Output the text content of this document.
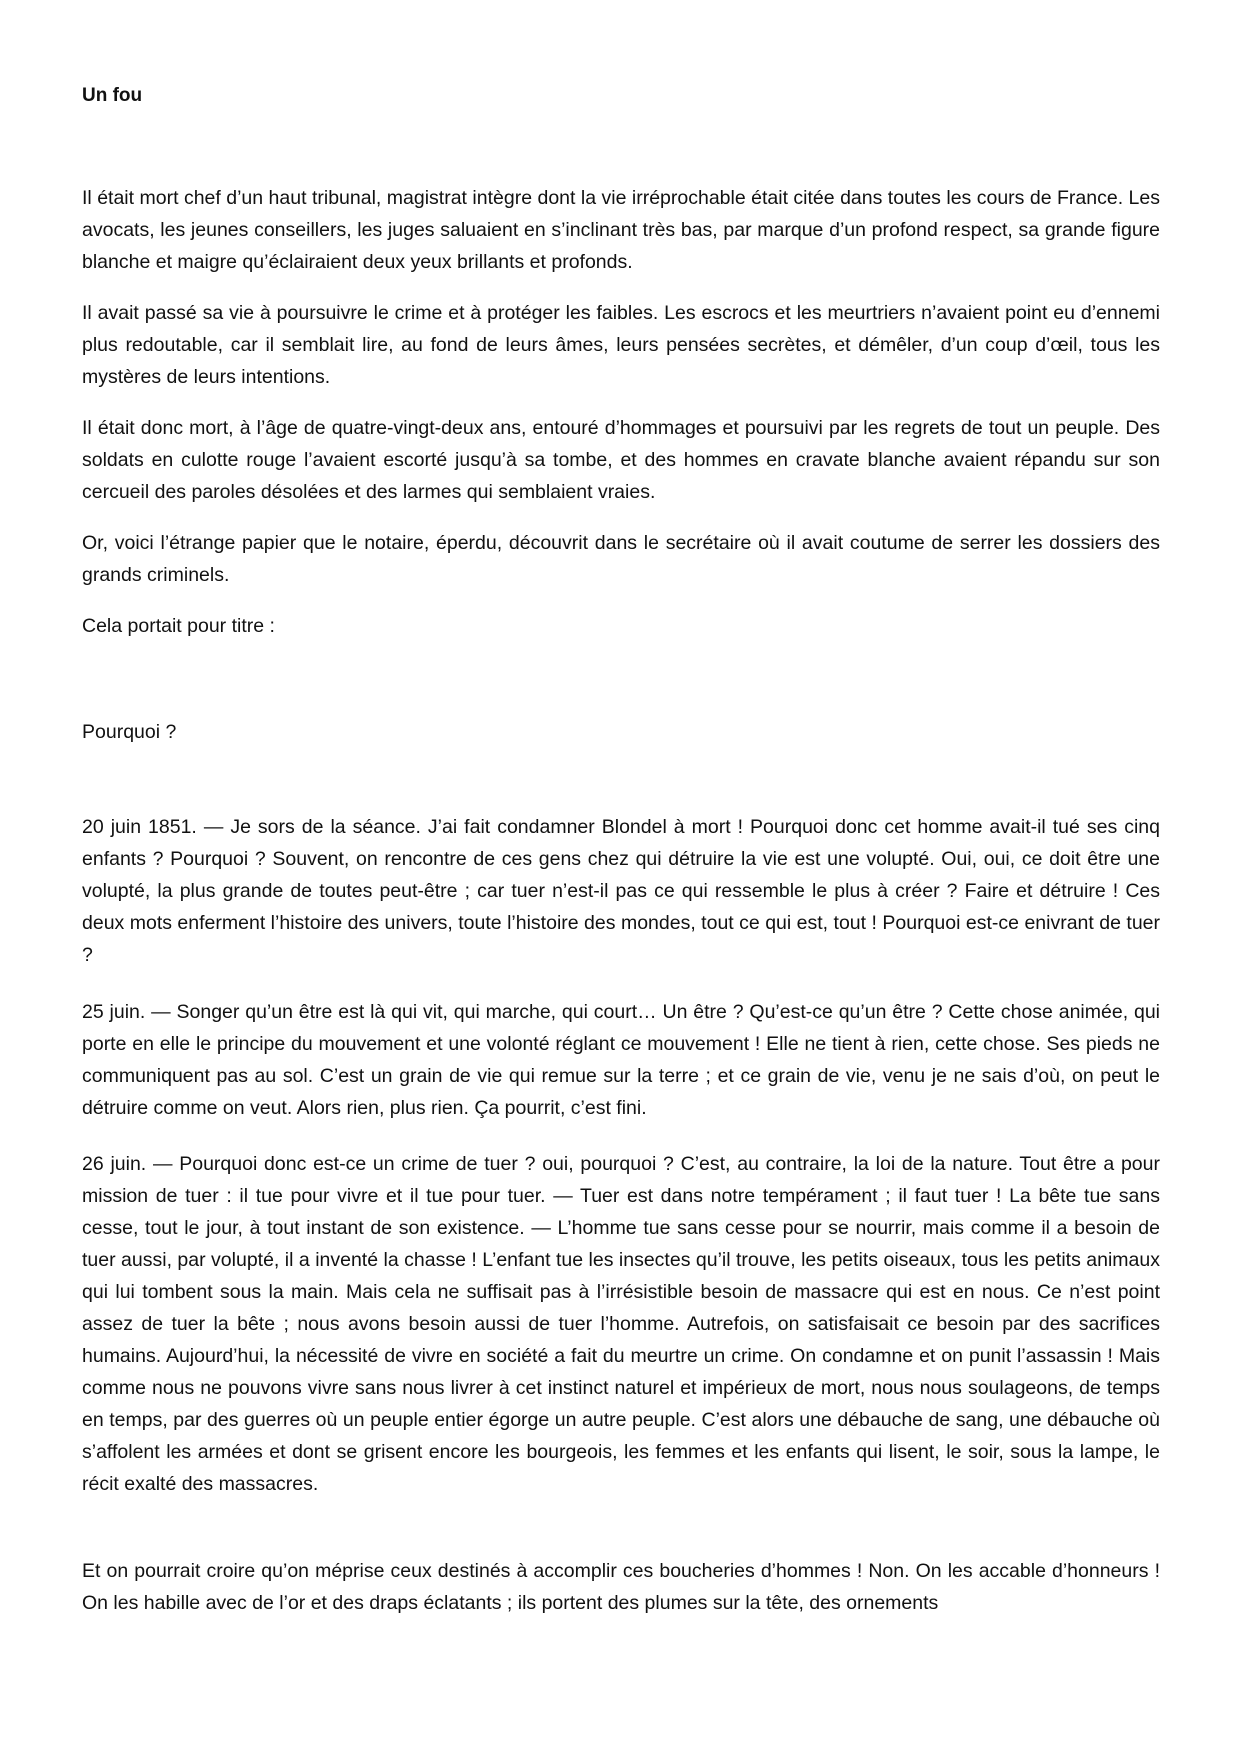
Un fou

Il était mort chef d’un haut tribunal, magistrat intègre dont la vie irréprochable était citée dans toutes les cours de France. Les avocats, les jeunes conseillers, les juges saluaient en s’inclinant très bas, par marque d’un profond respect, sa grande figure blanche et maigre qu’éclairaient deux yeux brillants et profonds.

Il avait passé sa vie à poursuivre le crime et à protéger les faibles. Les escrocs et les meurtriers n’avaient point eu d’ennemi plus redoutable, car il semblait lire, au fond de leurs âmes, leurs pensées secrètes, et démêler, d’un coup d’œil, tous les mystères de leurs intentions.

Il était donc mort, à l’âge de quatre-vingt-deux ans, entouré d’hommages et poursuivi par les regrets de tout un peuple. Des soldats en culotte rouge l’avaient escorté jusqu’à sa tombe, et des hommes en cravate blanche avaient répandu sur son cercueil des paroles désolées et des larmes qui semblaient vraies.

Or, voici l’étrange papier que le notaire, éperdu, découvrit dans le secrétaire où il avait coutume de serrer les dossiers des grands criminels.

Cela portait pour titre :

Pourquoi ?

20 juin 1851. — Je sors de la séance. J’ai fait condamner Blondel à mort ! Pourquoi donc cet homme avait-il tué ses cinq enfants ? Pourquoi ? Souvent, on rencontre de ces gens chez qui détruire la vie est une volupté. Oui, oui, ce doit être une volupté, la plus grande de toutes peut-être ; car tuer n’est-il pas ce qui ressemble le plus à créer ? Faire et détruire ! Ces deux mots enferment l’histoire des univers, toute l’histoire des mondes, tout ce qui est, tout ! Pourquoi est-ce enivrant de tuer ?

25 juin. — Songer qu’un être est là qui vit, qui marche, qui court… Un être ? Qu’est-ce qu’un être ? Cette chose animée, qui porte en elle le principe du mouvement et une volonté réglant ce mouvement ! Elle ne tient à rien, cette chose. Ses pieds ne communiquent pas au sol. C’est un grain de vie qui remue sur la terre ; et ce grain de vie, venu je ne sais d’où, on peut le détruire comme on veut. Alors rien, plus rien. Ça pourrit, c’est fini.

26 juin. — Pourquoi donc est-ce un crime de tuer ? oui, pourquoi ? C’est, au contraire, la loi de la nature. Tout être a pour mission de tuer : il tue pour vivre et il tue pour tuer. — Tuer est dans notre tempérament ; il faut tuer ! La bête tue sans cesse, tout le jour, à tout instant de son existence. — L’homme tue sans cesse pour se nourrir, mais comme il a besoin de tuer aussi, par volupté, il a inventé la chasse ! L’enfant tue les insectes qu’il trouve, les petits oiseaux, tous les petits animaux qui lui tombent sous la main. Mais cela ne suffisait pas à l’irrésistible besoin de massacre qui est en nous. Ce n’est point assez de tuer la bête ; nous avons besoin aussi de tuer l’homme. Autrefois, on satisfaisait ce besoin par des sacrifices humains. Aujourd’hui, la nécessité de vivre en société a fait du meurtre un crime. On condamne et on punit l’assassin ! Mais comme nous ne pouvons vivre sans nous livrer à cet instinct naturel et impérieux de mort, nous nous soulageons, de temps en temps, par des guerres où un peuple entier égorge un autre peuple. C’est alors une débauche de sang, une débauche où s’affolent les armées et dont se grisent encore les bourgeois, les femmes et les enfants qui lisent, le soir, sous la lampe, le récit exalté des massacres.

Et on pourrait croire qu’on méprise ceux destinés à accomplir ces boucheries d’hommes ! Non. On les accable d’honneurs ! On les habille avec de l’or et des draps éclatants ; ils portent des plumes sur la tête, des ornements
